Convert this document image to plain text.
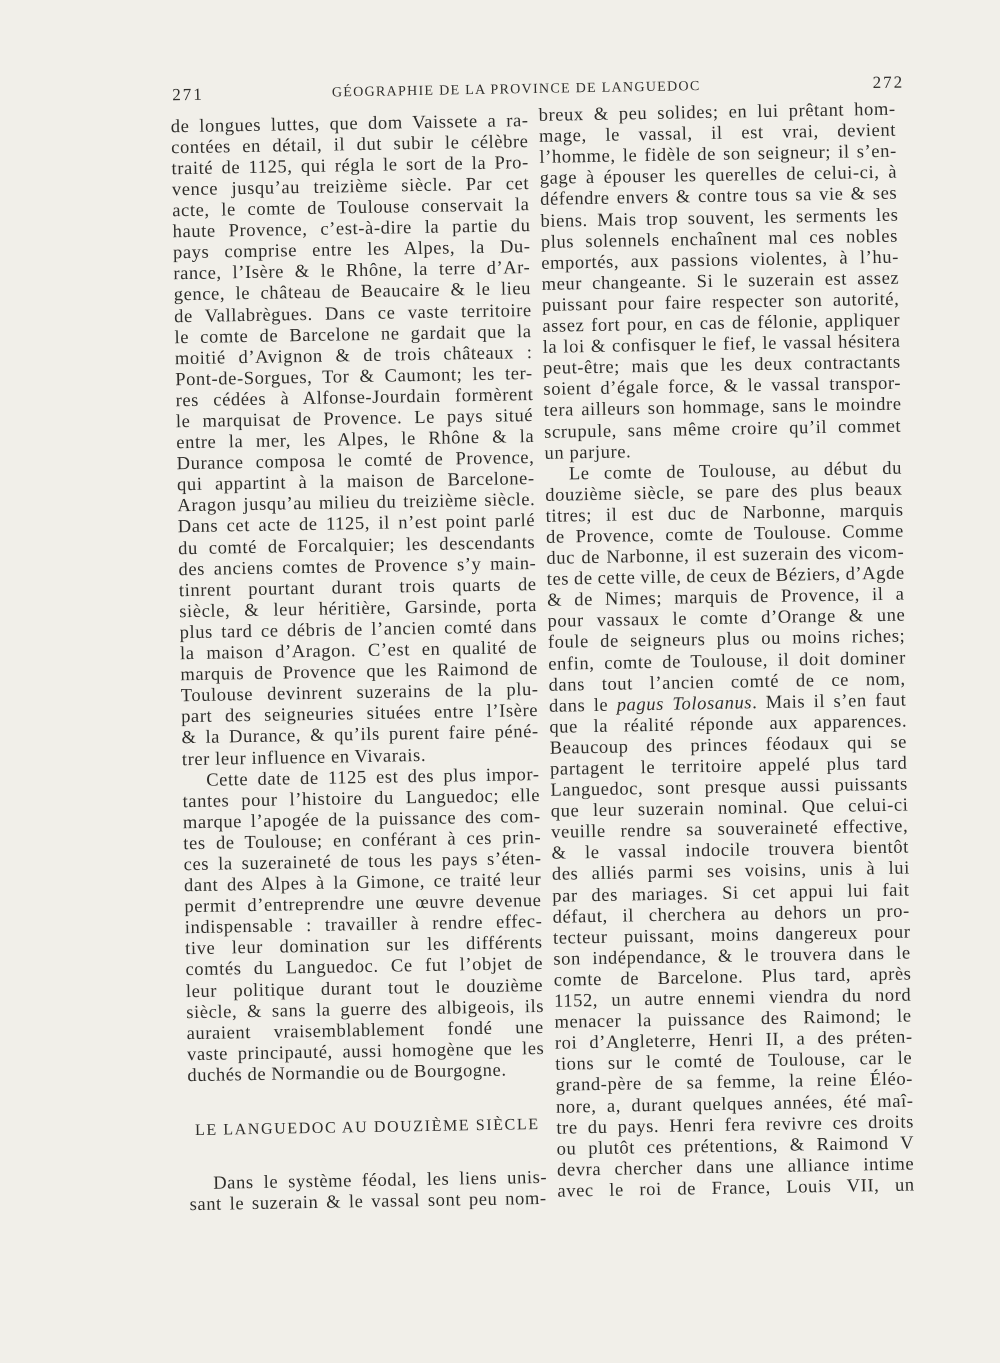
271	GÉOGRAPHIE DE LA PROVINCE DE LANGUEDOC	272
de longues luttes, que dom Vaissete a ra-
contées en détail, il dut subir le célèbre
traité de 1125, qui régla le sort de la Pro-
vence jusqu’au treizième siècle. Par cet
acte, le comte de Toulouse conservait la
haute Provence, c’est-à-dire la partie du
pays comprise entre les Alpes, la Du-
rance, l’Isère & le Rhône, la terre d’Ar-
gence, le château de Beaucaire & le lieu
de Vallabrègues. Dans ce vaste territoire
le comte de Barcelone ne gardait que la
moitié d’Avignon & de trois châteaux :
Pont-de-Sorgues, Tor & Caumont; les ter-
res cédées à Alfonse-Jourdain formèrent
le marquisat de Provence. Le pays situé
entre la mer, les Alpes, le Rhône & la
Durance composa le comté de Provence,
qui appartint à la maison de Barcelone-
Aragon jusqu’au milieu du treizième siècle.
Dans cet acte de 1125, il n’est point parlé
du comté de Forcalquier; les descendants
des anciens comtes de Provence s’y main-
tinrent pourtant durant trois quarts de
siècle, & leur héritière, Garsinde, porta
plus tard ce débris de l’ancien comté dans
la maison d’Aragon. C’est en qualité de
marquis de Provence que les Raimond de
Toulouse devinrent suzerains de la plu-
part des seigneuries situées entre l’Isère
& la Durance, & qu’ils purent faire péné-
trer leur influence en Vivarais.
Cette date de 1125 est des plus impor-
tantes pour l’histoire du Languedoc; elle
marque l’apogée de la puissance des com-
tes de Toulouse; en conférant à ces prin-
ces la suzeraineté de tous les pays s’éten-
dant des Alpes à la Gimone, ce traité leur
permit d’entreprendre une œuvre devenue
indispensable : travailler à rendre effec-
tive leur domination sur les différents
comtés du Languedoc. Ce fut l’objet de
leur politique durant tout le douzième
siècle, & sans la guerre des albigeois, ils
auraient vraisemblablement fondé une
vaste principauté, aussi homogène que les
duchés de Normandie ou de Bourgogne.
LE LANGUEDOC AU DOUZIÈME SIÈCLE
Dans le système féodal, les liens unis-
sant le suzerain & le vassal sont peu nom-
breux & peu solides; en lui prêtant hom-
mage, le vassal, il est vrai, devient
l’homme, le fidèle de son seigneur; il s’en-
gage à épouser les querelles de celui-ci, à
défendre envers & contre tous sa vie & ses
biens. Mais trop souvent, les serments les
plus solennels enchaînent mal ces nobles
emportés, aux passions violentes, à l’hu-
meur changeante. Si le suzerain est assez
puissant pour faire respecter son autorité,
assez fort pour, en cas de félonie, appliquer
la loi & confisquer le fief, le vassal hésitera
peut-être; mais que les deux contractants
soient d’égale force, & le vassal transpor-
tera ailleurs son hommage, sans le moindre
scrupule, sans même croire qu’il commet
un parjure.
Le comte de Toulouse, au début du
douzième siècle, se pare des plus beaux
titres; il est duc de Narbonne, marquis
de Provence, comte de Toulouse. Comme
duc de Narbonne, il est suzerain des vicom-
tes de cette ville, de ceux de Béziers, d’Agde
& de Nimes; marquis de Provence, il a
pour vassaux le comte d’Orange & une
foule de seigneurs plus ou moins riches;
enfin, comte de Toulouse, il doit dominer
dans tout l’ancien comté de ce nom,
dans le pagus Tolosanus. Mais il s’en faut
que la réalité réponde aux apparences.
Beaucoup des princes féodaux qui se
partagent le territoire appelé plus tard
Languedoc, sont presque aussi puissants
que leur suzerain nominal. Que celui-ci
veuille rendre sa souveraineté effective,
& le vassal indocile trouvera bientôt
des alliés parmi ses voisins, unis à lui
par des mariages. Si cet appui lui fait
défaut, il cherchera au dehors un pro-
tecteur puissant, moins dangereux pour
son indépendance, & le trouvera dans le
comte de Barcelone. Plus tard, après
1152, un autre ennemi viendra du nord
menacer la puissance des Raimond; le
roi d’Angleterre, Henri II, a des préten-
tions sur le comté de Toulouse, car le
grand-père de sa femme, la reine Éléo-
nore, a, durant quelques années, été maî-
tre du pays. Henri fera revivre ces droits
ou plutôt ces prétentions, & Raimond V
devra chercher dans une alliance intime
avec le roi de France, Louis VII, un
